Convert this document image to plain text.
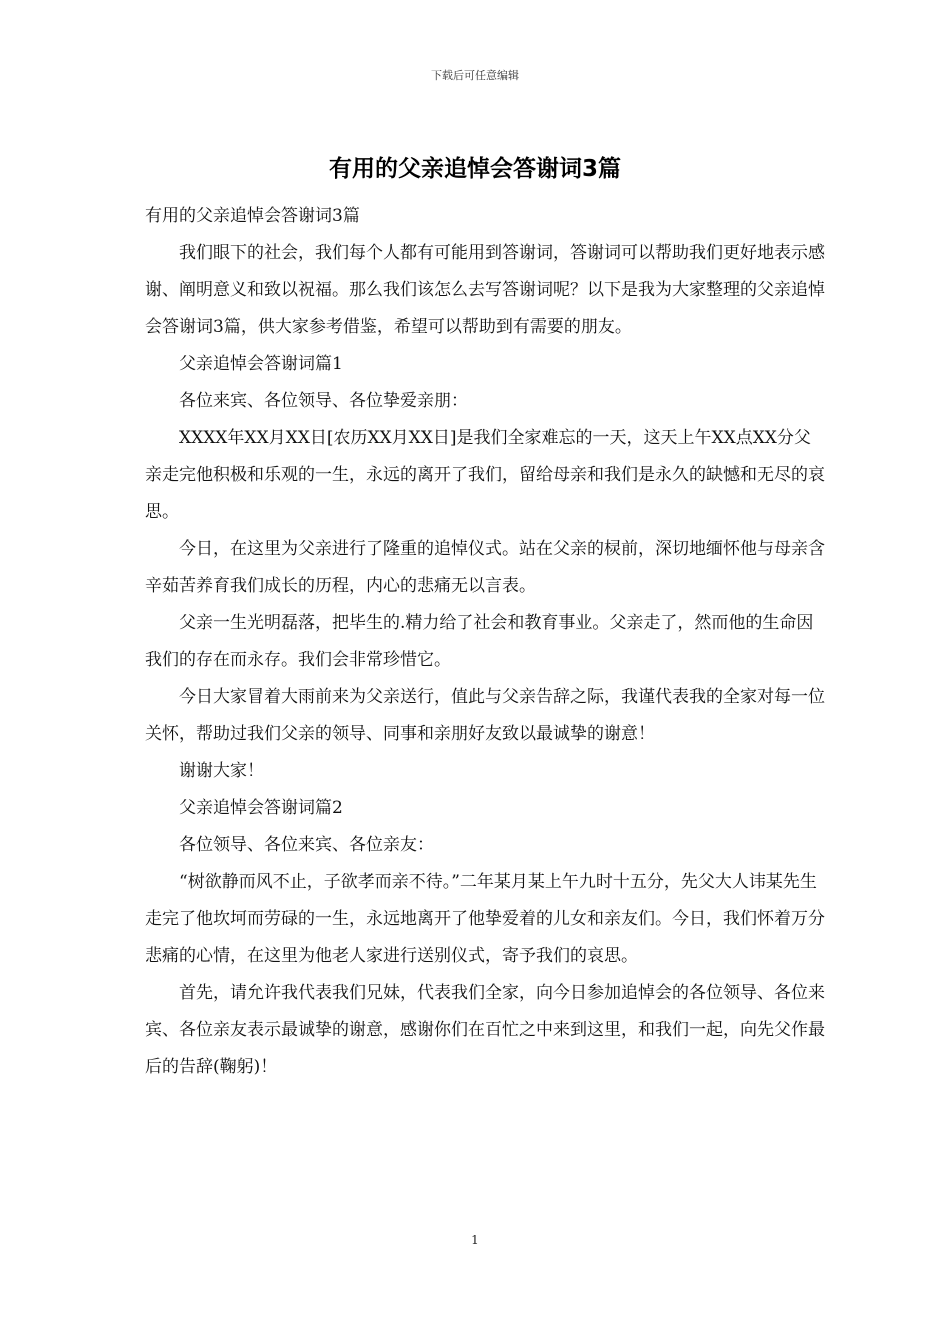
下载后可任意编辑
有用的父亲追悼会答谢词3篇

有用的父亲追悼会答谢词3篇

我们眼下的社会，我们每个人都有可能用到答谢词，答谢词可以帮助我们更好地表示感谢、阐明意义和致以祝福。那么我们该怎么去写答谢词呢？以下是我为大家整理的父亲追悼会答谢词3篇，供大家参考借鉴，希望可以帮助到有需要的朋友。

父亲追悼会答谢词篇1

各位来宾、各位领导、各位挚爱亲朋：

XXXX年XX月XX日[农历XX月XX日]是我们全家难忘的一天，这天上午XX点XX分父亲走完他积极和乐观的一生，永远的离开了我们，留给母亲和我们是永久的缺憾和无尽的哀思。

今日，在这里为父亲进行了隆重的追悼仪式。站在父亲的棂前，深切地缅怀他与母亲含辛茹苦养育我们成长的历程，内心的悲痛无以言表。

父亲一生光明磊落，把毕生的.精力给了社会和教育事业。父亲走了，然而他的生命因我们的存在而永存。我们会非常珍惜它。

今日大家冒着大雨前来为父亲送行，值此与父亲告辞之际，我谨代表我的全家对每一位关怀，帮助过我们父亲的领导、同事和亲朋好友致以最诚挚的谢意！

谢谢大家！

父亲追悼会答谢词篇2

各位领导、各位来宾、各位亲友：

“树欲静而风不止，子欲孝而亲不待。”二年某月某上午九时十五分，先父大人讳某先生走完了他坎坷而劳碌的一生，永远地离开了他挚爱着的儿女和亲友们。今日，我们怀着万分悲痛的心情，在这里为他老人家进行送别仪式，寄予我们的哀思。

首先，请允许我代表我们兄妹，代表我们全家，向今日参加追悼会的各位领导、各位来宾、各位亲友表示最诚挚的谢意，感谢你们在百忙之中来到这里，和我们一起，向先父作最后的告辞(鞠躬)！

1
